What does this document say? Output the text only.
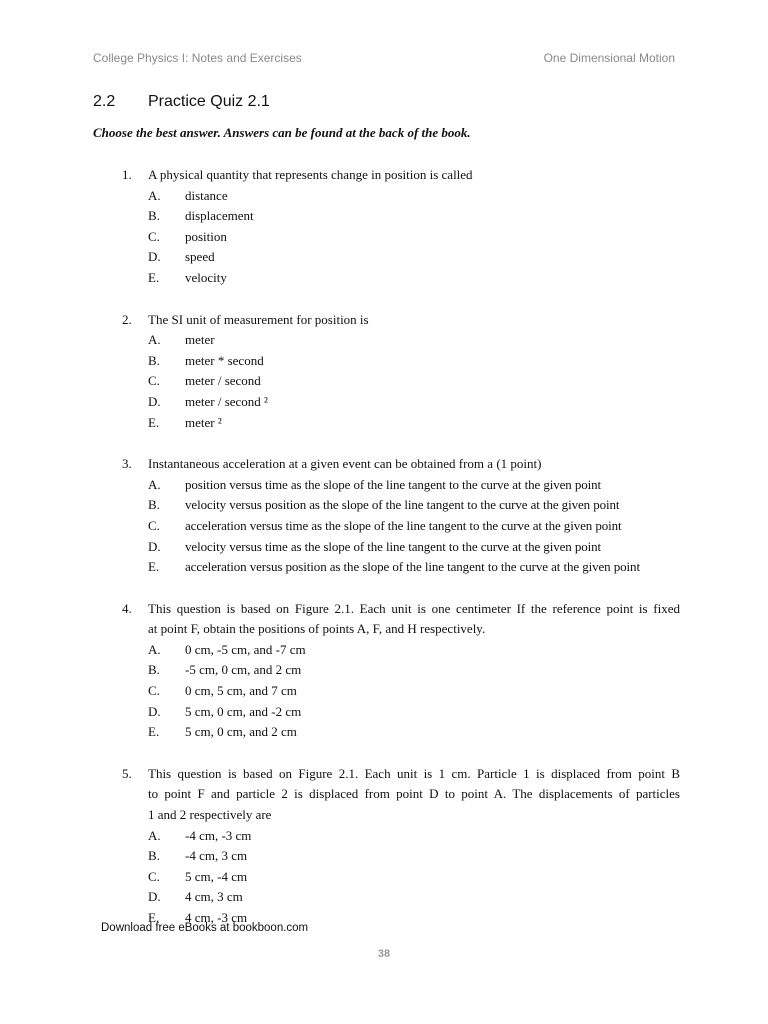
College Physics I: Notes and Exercises	One Dimensional Motion
2.2 Practice Quiz 2.1
Choose the best answer. Answers can be found at the back of the book.
1.	A physical quantity that represents change in position is called
A. distance
B. displacement
C. position
D. speed
E. velocity
2.	The SI unit of measurement for position is
A. meter
B. meter * second
C. meter / second
D. meter / second ²
E. meter ²
3.	Instantaneous acceleration at a given event can be obtained from a (1 point)
A. position versus time as the slope of the line tangent to the curve at the given point
B. velocity versus position as the slope of the line tangent to the curve at the given point
C. acceleration versus time as the slope of the line tangent to the curve at the given point
D. velocity versus time as the slope of the line tangent to the curve at the given point
E. acceleration versus position as the slope of the line tangent to the curve at the given point
4.	This question is based on Figure 2.1. Each unit is one centimeter If the reference point is fixed
at point F, obtain the positions of points A, F, and H respectively.
A. 0 cm, -5 cm, and -7 cm
B. -5 cm, 0 cm, and 2 cm
C. 0 cm, 5 cm, and 7 cm
D. 5 cm, 0 cm, and -2 cm
E. 5 cm, 0 cm, and 2 cm
5.	This question is based on Figure 2.1. Each unit is 1 cm. Particle 1 is displaced from point B
to point F and particle 2 is displaced from point D to point A. The displacements of particles
1 and 2 respectively are
A. -4 cm, -3 cm
B. -4 cm, 3 cm
C. 5 cm, -4 cm
D. 4 cm, 3 cm
E. 4 cm, -3 cm
Download free eBooks at bookboon.com
38
